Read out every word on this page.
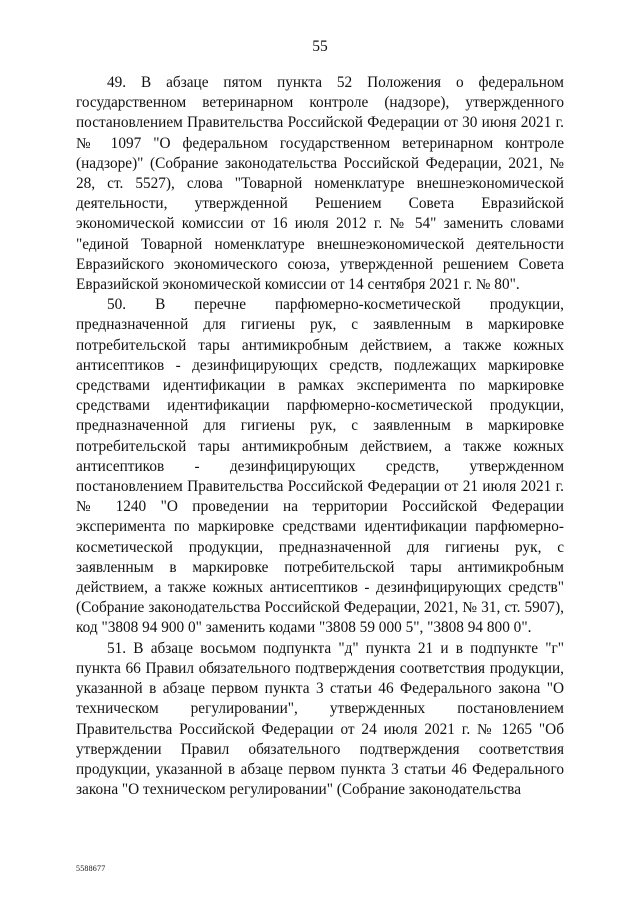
55

49. В абзаце пятом пункта 52 Положения о федеральном государственном ветеринарном контроле (надзоре), утвержденного постановлением Правительства Российской Федерации от 30 июня 2021 г. № 1097 "О федеральном государственном ветеринарном контроле (надзоре)" (Собрание законодательства Российской Федерации, 2021, № 28, ст. 5527), слова "Товарной номенклатуре внешнеэкономической деятельности, утвержденной Решением Совета Евразийской экономической комиссии от 16 июля 2012 г. № 54" заменить словами "единой Товарной номенклатуре внешнеэкономической деятельности Евразийского экономического союза, утвержденной решением Совета Евразийской экономической комиссии от 14 сентября 2021 г. № 80".

50. В перечне парфюмерно-косметической продукции, предназначенной для гигиены рук, с заявленным в маркировке потребительской тары антимикробным действием, а также кожных антисептиков - дезинфицирующих средств, подлежащих маркировке средствами идентификации в рамках эксперимента по маркировке средствами идентификации парфюмерно-косметической продукции, предназначенной для гигиены рук, с заявленным в маркировке потребительской тары антимикробным действием, а также кожных антисептиков - дезинфицирующих средств, утвержденном постановлением Правительства Российской Федерации от 21 июля 2021 г. № 1240 "О проведении на территории Российской Федерации эксперимента по маркировке средствами идентификации парфюмерно-косметической продукции, предназначенной для гигиены рук, с заявленным в маркировке потребительской тары антимикробным действием, а также кожных антисептиков - дезинфицирующих средств" (Собрание законодательства Российской Федерации, 2021, № 31, ст. 5907), код "3808 94 900 0" заменить кодами "3808 59 000 5", "3808 94 800 0".

51. В абзаце восьмом подпункта "д" пункта 21 и в подпункте "г" пункта 66 Правил обязательного подтверждения соответствия продукции, указанной в абзаце первом пункта 3 статьи 46 Федерального закона "О техническом регулировании", утвержденных постановлением Правительства Российской Федерации от 24 июля 2021 г. № 1265 "Об утверждении Правил обязательного подтверждения соответствия продукции, указанной в абзаце первом пункта 3 статьи 46 Федерального закона "О техническом регулировании" (Собрание законодательства

5588677
